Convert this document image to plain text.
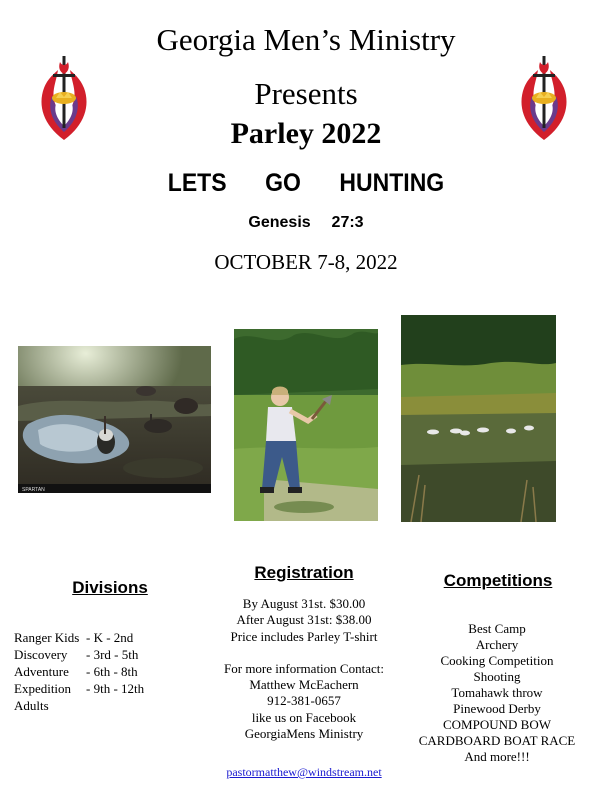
Georgia Men’s Ministry
Presents
Parley 2022
LETS  GO  HUNTING
Genesis  27:3
OCTOBER 7-8, 2022
SPARTAN
Divisions
Ranger Kids - K - 2nd
Discovery	- 3rd - 5th
Adventure	- 6th - 8th
Expedition	- 9th - 12th
Adults
Registration
By August 31st. $30.00
After August 31st: $38.00
Price includes Parley T-shirt
For more information Contact:
Matthew McEachern
912-381-0657
like us on Facebook
GeorgiaMens Ministry
pastormatthew@windstream.net
Competitions
Best Camp
Archery
Cooking Competition
Shooting
Tomahawk throw
Pinewood Derby
COMPOUND BOW
CARDBOARD BOAT RACE
And more!!!
